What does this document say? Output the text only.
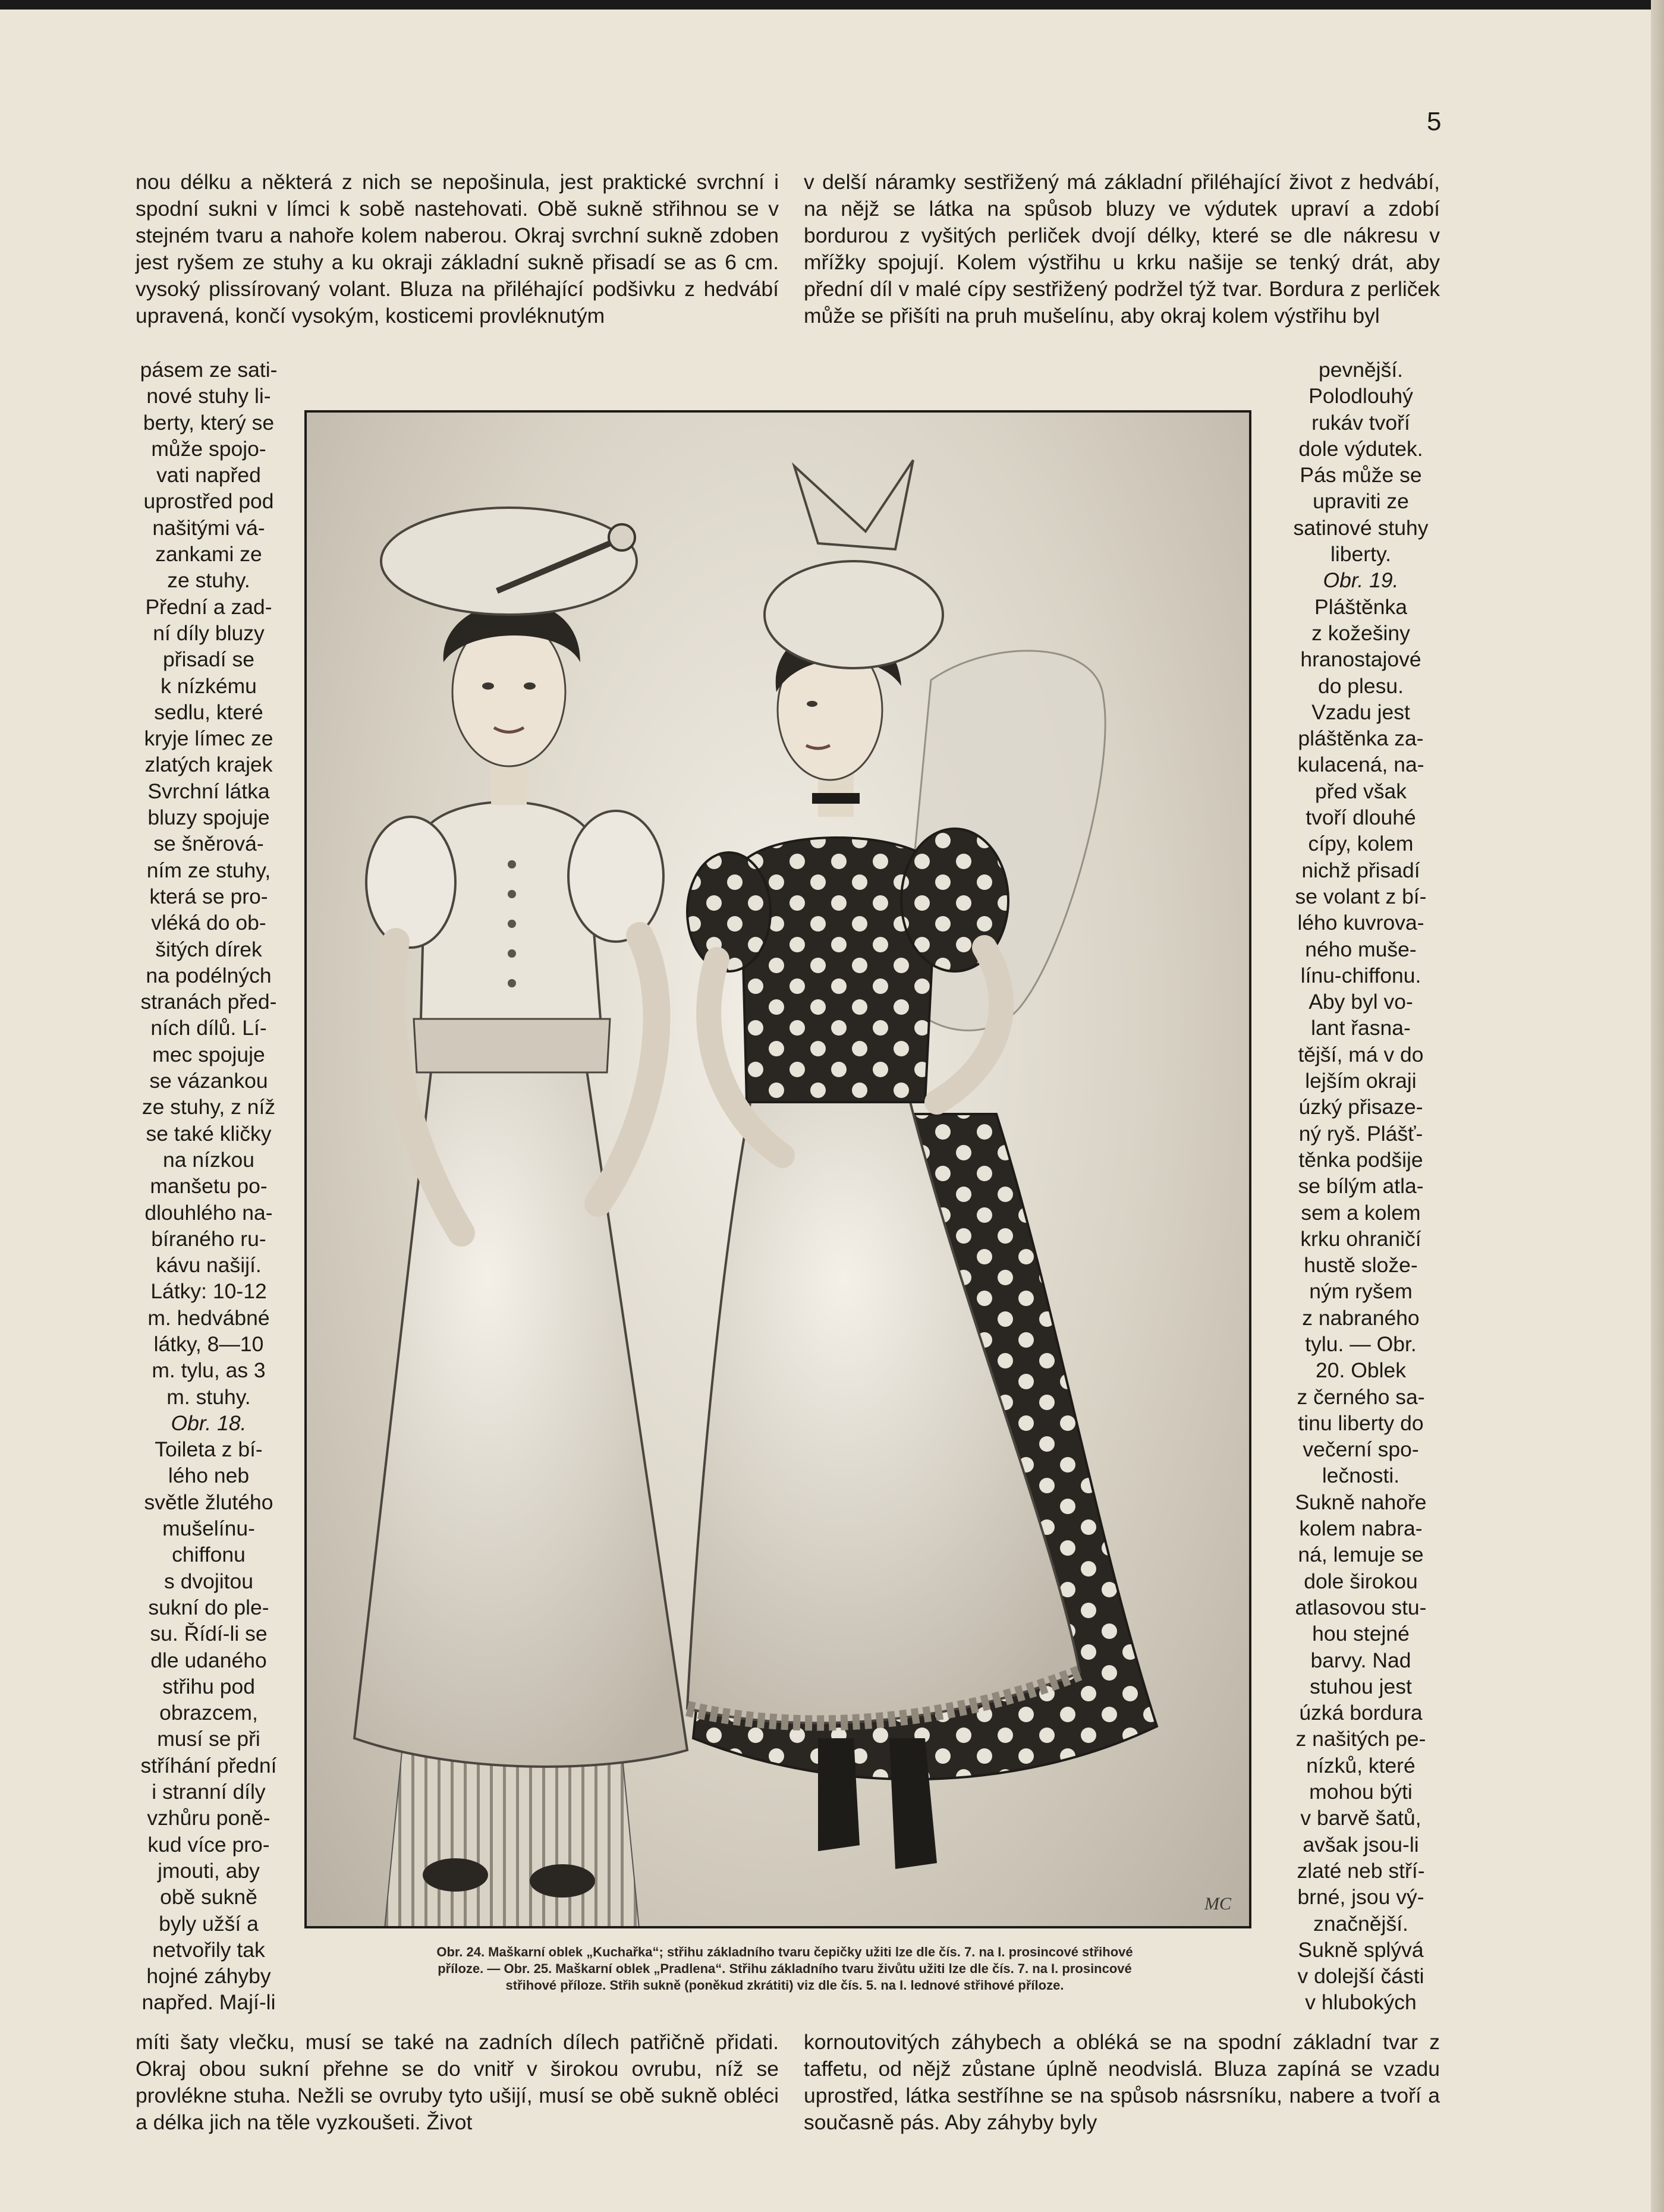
5

nou délku a některá z nich se nepošinula, jest praktické svrchní i spodní sukni v límci k sobě nastehovati. Obě sukně střihnou se v stejném tvaru a nahoře kolem naberou. Okraj svrchní sukně zdoben jest ryšem ze stuhy a ku okraji základní sukně přisadí se as 6 cm. vysoký plissírovaný volant. Bluza na přiléhající podšivku z hedvábí upravená, končí vysokým, kosticemi provléknutým

pásem ze sati-
nové stuhy li-
berty, který se
může spojo-
vati napřed
uprostřed pod
našitými vá-
zankami ze
ze stuhy.
Přední a zad-
ní díly bluzy
přisadí se
k nízkému
sedlu, které
kryje límec ze
zlatých krajek
Svrchní látka
bluzy spojuje
se šněrová-
ním ze stuhy,
která se pro-
vléká do ob-
šitých dírek
na podélných
stranách před-
ních dílů. Lí-
mec spojuje
se vázankou
ze stuhy, z níž
se také kličky
na nízkou
manšetu po-
dlouhlého na-
bíraného ru-
kávu našijí.
Látky: 10-12
m. hedvábné
látky, 8—10
m. tylu, as 3
m. stuhy.
Obr. 18.
Toileta z bí-
lého neb
světle žlutého
mušelínu-
chiffonu
s dvojitou
sukní do ple-
su. Řídí-li se
dle udaného
střihu pod
obrazcem,
musí se při
stříhání přední
i stranní díly
vzhůru poně-
kud více pro-
jmouti, aby
obě sukně
byly užší a
netvořily tak
hojné záhyby
napřed. Mají-li

míti šaty vlečku, musí se také na zadních dílech patřičně přidati. Okraj obou sukní přehne se do vnitř v širokou ovrubu, níž se provlékne stuha. Nežli se ovruby tyto ušijí, musí se obě sukně obléci a délka jich na těle vyzkoušeti. Život

v delší náramky sestřižený má základní přiléhající život z hedvábí, na nějž se látka na spůsob bluzy ve výdutek upraví a zdobí bordurou z vyšitých perliček dvojí délky, které se dle nákresu v mřížky spojují. Kolem výstřihu u krku našije se tenký drát, aby přední díl v malé cípy sestřižený podržel týž tvar. Bordura z perliček může se přišíti na pruh mušelínu, aby okraj kolem výstřihu byl

pevnější.
Polodlouhý
rukáv tvoří
dole výdutek.
Pás může se
upraviti ze
satinové stuhy
liberty.
Obr. 19.
Pláštěnka
z kožešiny
hranostajové
do plesu.
Vzadu jest
pláštěnka za-
kulacená, na-
před však
tvoří dlouhé
cípy, kolem
nichž přisadí
se volant z bí-
lého kuvrova-
ného muše-
línu-chiffonu.
Aby byl vo-
lant řasna-
tější, má v do
lejším okraji
úzký přisaze-
ný ryš. Plášť-
těnka podšije
se bílým atla-
sem a kolem
krku ohraničí
hustě slože-
ným ryšem
z nabraného
tylu. — Obr.
20. Oblek
z černého sa-
tinu liberty do
večerní spo-
lečnosti.
Sukně nahoře
kolem nabra-
ná, lemuje se
dole širokou
atlasovou stu-
hou stejné
barvy. Nad
stuhou jest
úzká bordura
z našitých pe-
nízků, které
mohou býti
v barvě šatů,
avšak jsou-li
zlaté neb stří-
brné, jsou vý-
značnější.
Sukně splývá
v dolejší části
v hlubokých

kornoutovitých záhybech a obléká se na spodní základní tvar z taffetu, od nějž zůstane úplně neodvislá. Bluza zapíná se vzadu uprostřed, látka sestříhne se na spůsob násrsníku, nabere a tvoří a současně pás. Aby záhyby byly

MC
Obr. 24. Maškarní oblek „Kuchařka“; střihu základního tvaru čepičky užiti lze dle čís. 7. na I. prosincové střihové
příloze. — Obr. 25. Maškarní oblek „Pradlena“. Střihu základního tvaru živůtu užiti lze dle čís. 7. na I. prosincové
střihové příloze. Střih sukně (poněkud zkrátiti) viz dle čís. 5. na I. lednové střihové příloze.
